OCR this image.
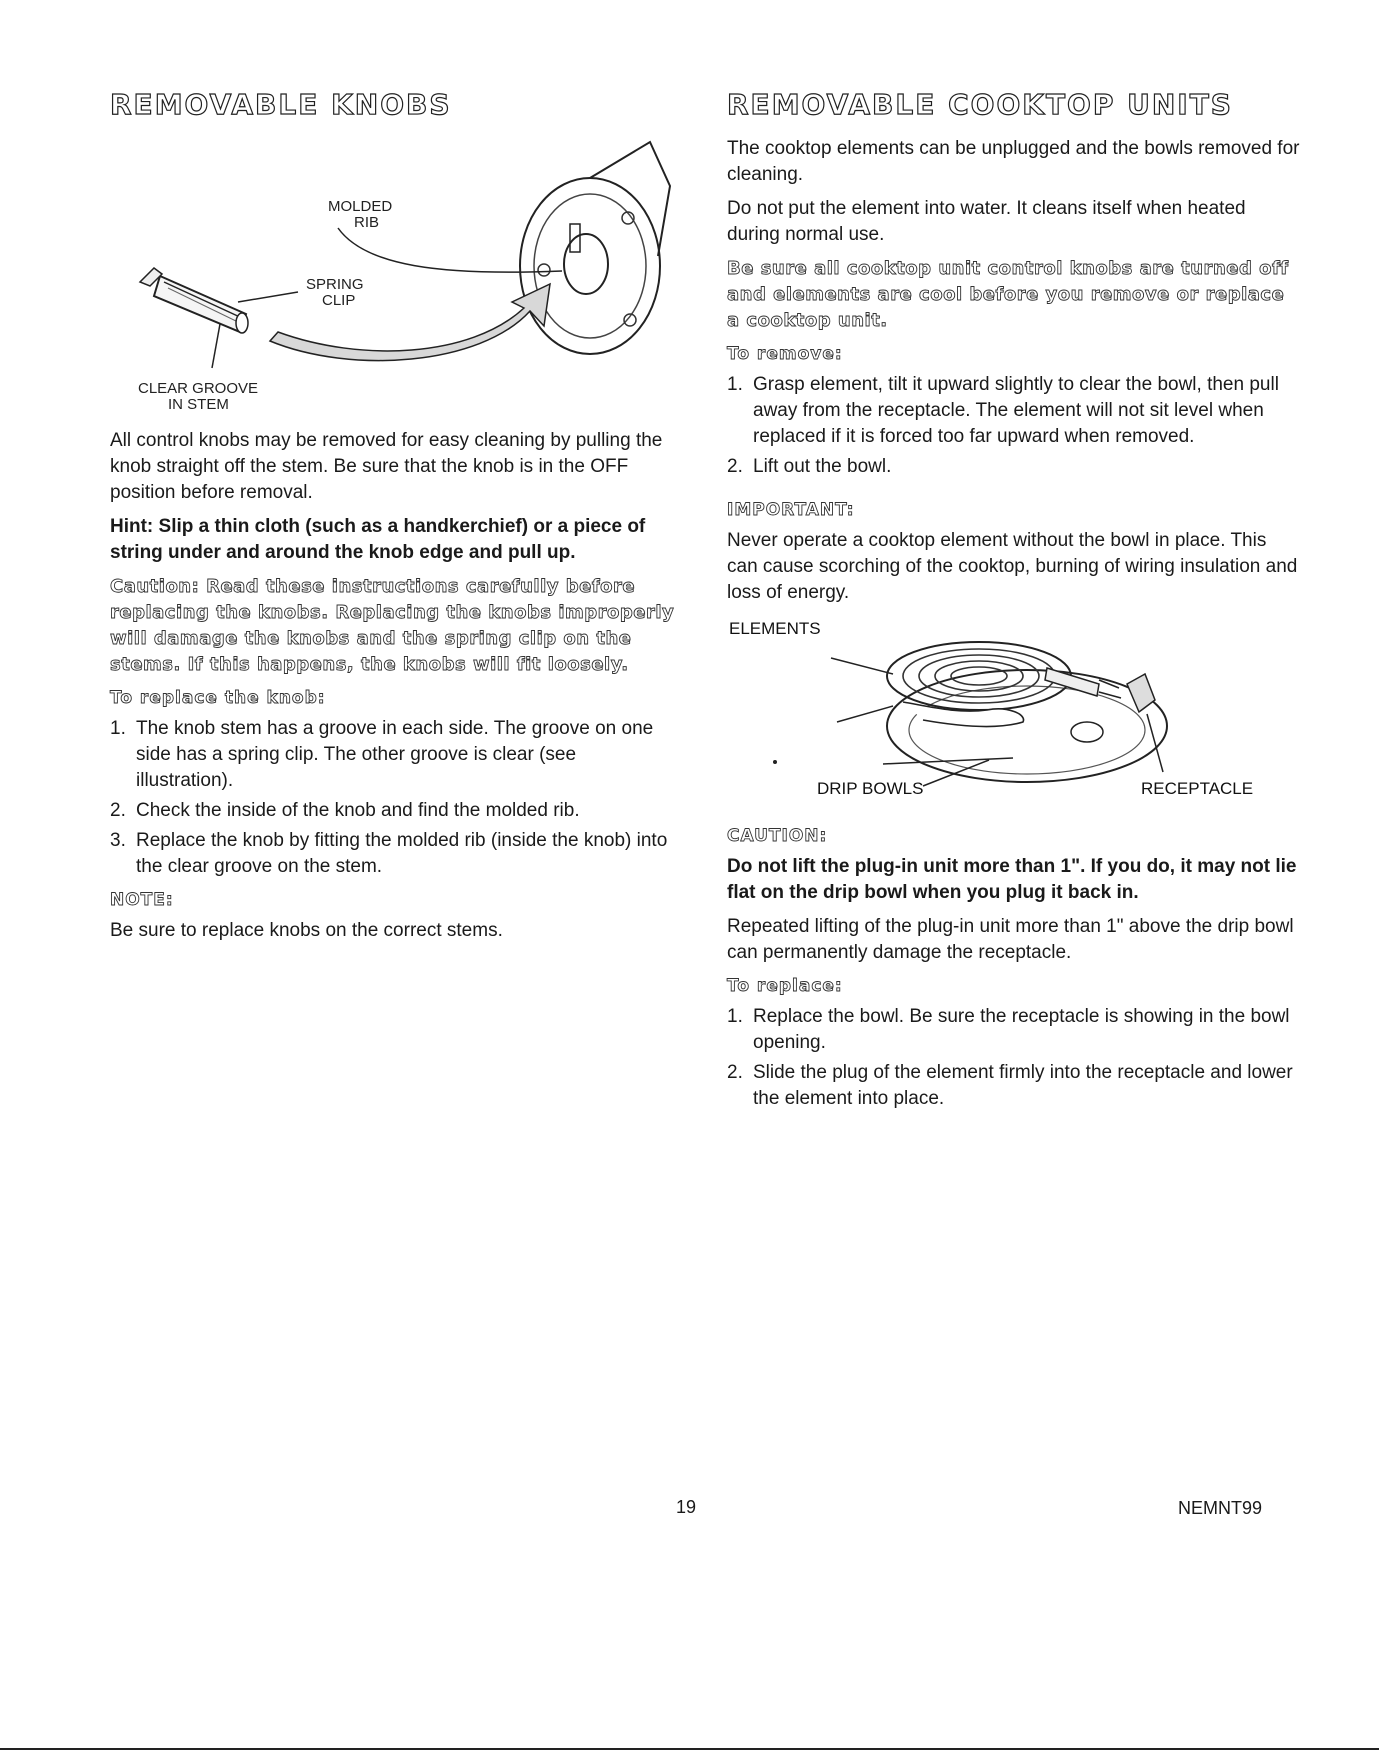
REMOVABLE KNOBS
MOLDED
RIB
SPRING
CLIP
CLEAR GROOVE
IN STEM

All control knobs may be removed for easy cleaning by pulling the knob straight off the stem. Be sure that the knob is in the OFF position before removal.

Hint: Slip a thin cloth (such as a handkerchief) or a piece of string under and around the knob edge and pull up.

Caution: Read these instructions carefully before replacing the knobs. Replacing the knobs improperly will damage the knobs and the spring clip on the stems. If this happens, the knobs will fit loosely.

To replace the knob:
1. The knob stem has a groove in each side. The groove on one side has a spring clip. The other groove is clear (see illustration).
2. Check the inside of the knob and find the molded rib.
3. Replace the knob by fitting the molded rib (inside the knob) into the clear groove on the stem.
NOTE:

Be sure to replace knobs on the correct stems.

REMOVABLE COOKTOP UNITS

The cooktop elements can be unplugged and the bowls removed for cleaning.

Do not put the element into water. It cleans itself when heated during normal use.

Be sure all cooktop unit control knobs are turned off and elements are cool before you remove or replace a cooktop unit.

To remove:
1. Grasp element, tilt it upward slightly to clear the bowl, then pull away from the receptacle. The element will not sit level when replaced if it is forced too far upward when removed.
2. Lift out the bowl.
IMPORTANT:

Never operate a cooktop element without the bowl in place. This can cause scorching of the cooktop, burning of wiring insulation and loss of energy.

ELEMENTS
DRIP BOWLS	RECEPTACLE
CAUTION:

Do not lift the plug-in unit more than 1". If you do, it may not lie flat on the drip bowl when you plug it back in.

Repeated lifting of the plug-in unit more than 1" above the drip bowl can permanently damage the receptacle.

To replace:
1. Replace the bowl. Be sure the receptacle is showing in the bowl opening.
2. Slide the plug of the element firmly into the receptacle and lower the element into place.
19	NEMNT99
